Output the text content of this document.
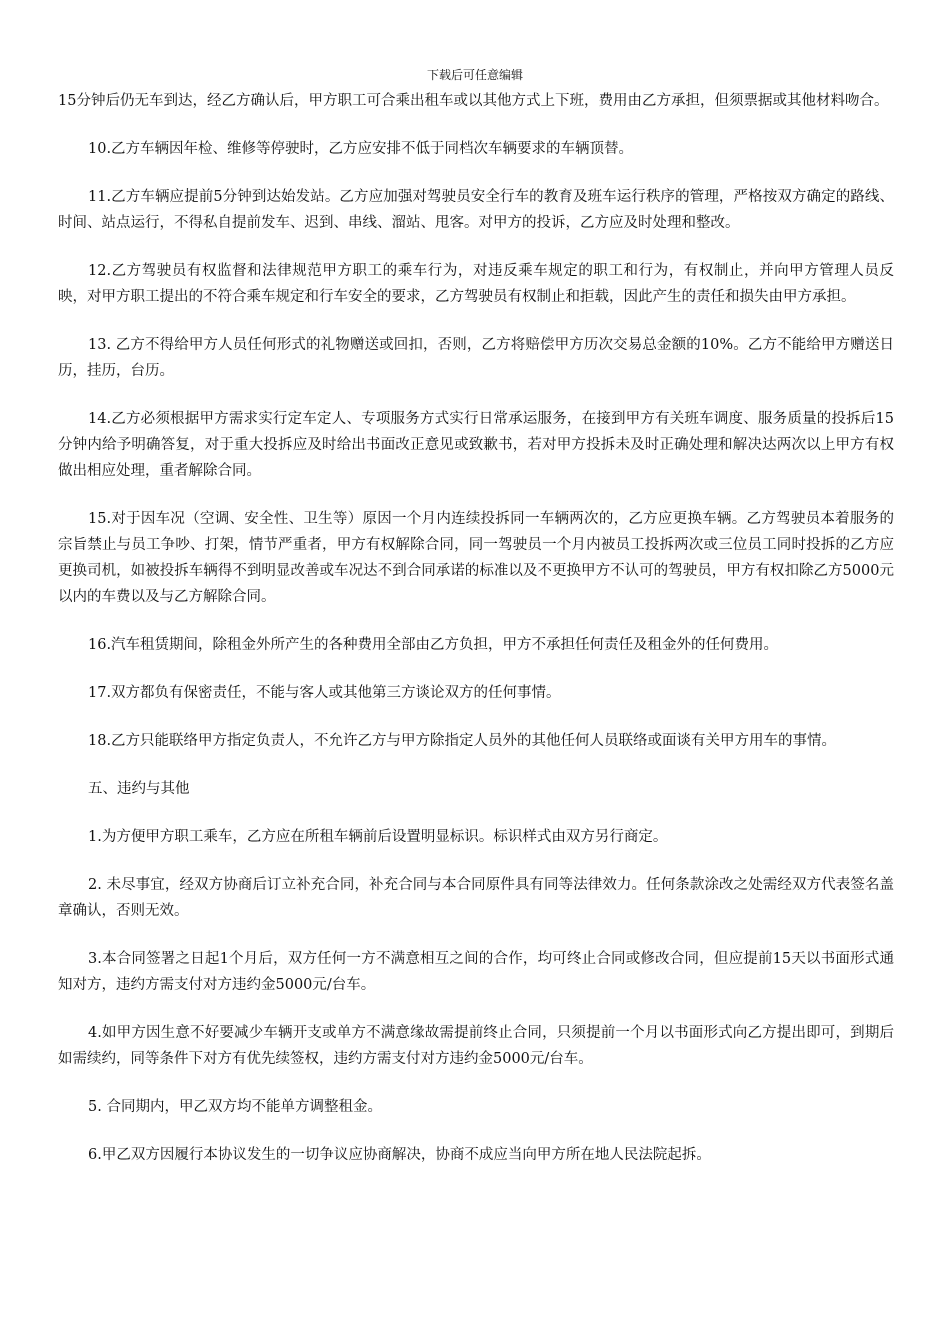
下载后可任意编辑

15分钟后仍无车到达，经乙方确认后，甲方职工可合乘出租车或以其他方式上下班，费用由乙方承担，但须票据或其他材料吻合。

10.乙方车辆因年检、维修等停驶时，乙方应安排不低于同档次车辆要求的车辆顶替。

11.乙方车辆应提前5分钟到达始发站。乙方应加强对驾驶员安全行车的教育及班车运行秩序的管理，严格按双方确定的路线、时间、站点运行，不得私自提前发车、迟到、串线、溜站、甩客。对甲方的投诉，乙方应及时处理和整改。

12.乙方驾驶员有权监督和法律规范甲方职工的乘车行为，对违反乘车规定的职工和行为，有权制止，并向甲方管理人员反映，对甲方职工提出的不符合乘车规定和行车安全的要求，乙方驾驶员有权制止和拒载，因此产生的责任和损失由甲方承担。

13. 乙方不得给甲方人员任何形式的礼物赠送或回扣，否则，乙方将赔偿甲方历次交易总金额的10%。乙方不能给甲方赠送日历，挂历，台历。

14.乙方必须根据甲方需求实行定车定人、专项服务方式实行日常承运服务，在接到甲方有关班车调度、服务质量的投拆后15分钟内给予明确答复，对于重大投拆应及时给出书面改正意见或致歉书，若对甲方投拆未及时正确处理和解决达两次以上甲方有权做出相应处理，重者解除合同。

15.对于因车况（空调、安全性、卫生等）原因一个月内连续投拆同一车辆两次的，乙方应更换车辆。乙方驾驶员本着服务的宗旨禁止与员工争吵、打架，情节严重者，甲方有权解除合同，同一驾驶员一个月内被员工投拆两次或三位员工同时投拆的乙方应更换司机，如被投拆车辆得不到明显改善或车况达不到合同承诺的标准以及不更换甲方不认可的驾驶员，甲方有权扣除乙方5000元以内的车费以及与乙方解除合同。

16.汽车租赁期间，除租金外所产生的各种费用全部由乙方负担，甲方不承担任何责任及租金外的任何费用。

17.双方都负有保密责任，不能与客人或其他第三方谈论双方的任何事情。

18.乙方只能联络甲方指定负责人，不允许乙方与甲方除指定人员外的其他任何人员联络或面谈有关甲方用车的事情。

五、违约与其他

1.为方便甲方职工乘车，乙方应在所租车辆前后设置明显标识。标识样式由双方另行商定。

2. 未尽事宜，经双方协商后订立补充合同，补充合同与本合同原件具有同等法律效力。任何条款涂改之处需经双方代表签名盖章确认，否则无效。

3.本合同签署之日起1个月后，双方任何一方不满意相互之间的合作，均可终止合同或修改合同，但应提前15天以书面形式通知对方，违约方需支付对方违约金5000元/台车。

4.如甲方因生意不好要减少车辆开支或单方不满意缘故需提前终止合同，只须提前一个月以书面形式向乙方提出即可，到期后如需续约，同等条件下对方有优先续签权，违约方需支付对方违约金5000元/台车。

5. 合同期内，甲乙双方均不能单方调整租金。

6.甲乙双方因履行本协议发生的一切争议应协商解决，协商不成应当向甲方所在地人民法院起拆。
